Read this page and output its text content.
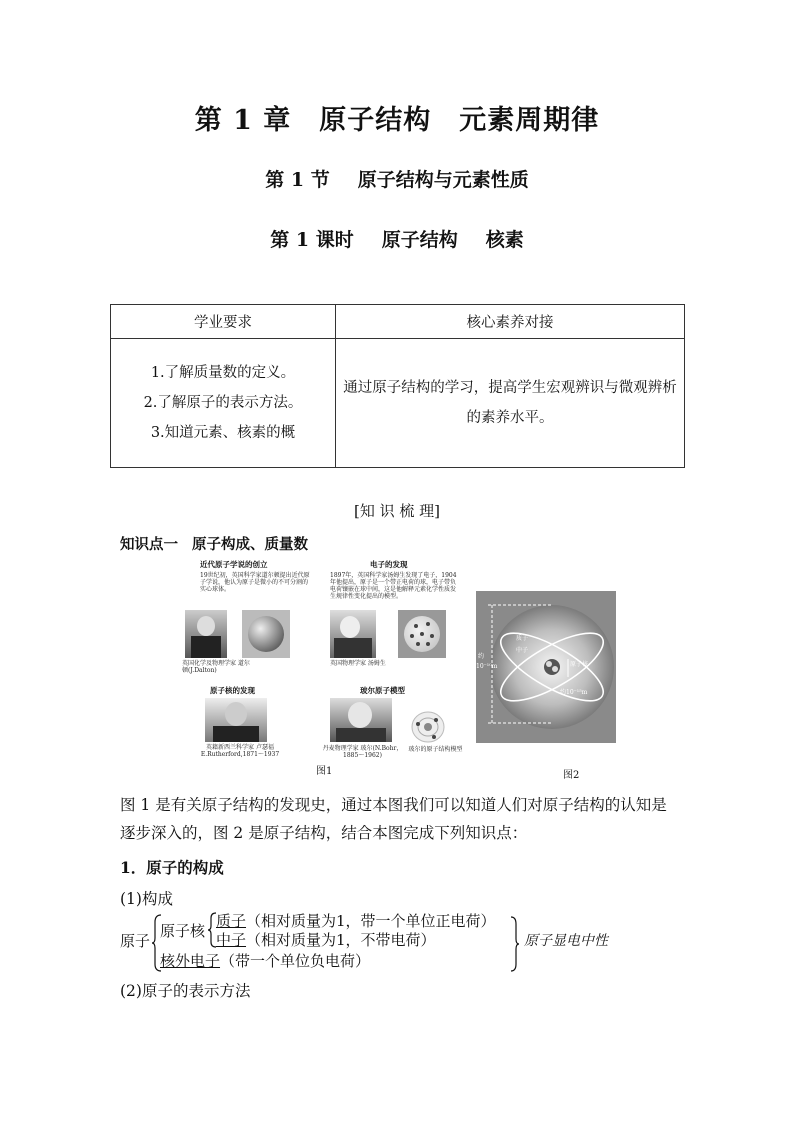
第 1 章 原子结构 元素周期律
第 1 节 原子结构与元素性质
第 1 课时 原子结构 核素
学业要求	核心素养对接

1.了解质量数的定义。
2.了解原子的表示方法。
3.知道元素、核素的概	通过原子结构的学习，提高学生宏观辨识与微观辨析的素养水平。
[知 识 梳 理]
知识点一 原子构成、质量数
近代原子学说的创立
19世纪初，英国科学家道尔顿提出近代原子学说，他认为原子是微小的不可分割的实心球体。
英国化学及物理学家 道尔顿(J.Dalton)
电子的发现
1897年，英国科学家汤姆生发现了电子，1904年他提出，原子是一个带正电荷的球，电子带负电荷镶嵌在球中间，这是他解释元素化学性质发生规律性变化提出的模型。
英国物理学家 汤姆生
原子核的发现
英籍新西兰科学家 卢瑟福
E.Rutherford,1871～1937
玻尔原子模型
丹麦物理学家 玻尔(N.Bohr，1885～1962)
玻尔的原子结构模型
图1
约
10⁻¹⁰m
质子
中子
原子核
约10⁻¹⁵m
图2
图 1 是有关原子结构的发现史，通过本图我们可以知道人们对原子结构的认知是逐步深入的，图 2 是原子结构，结合本图完成下列知识点：
1．原子的构成
(1)构成
原子
原子核
质子（相对质量为1，带一个单位正电荷）
中子（相对质量为1，不带电荷）
核外电子（带一个单位负电荷）
原子显电中性
(2)原子的表示方法
